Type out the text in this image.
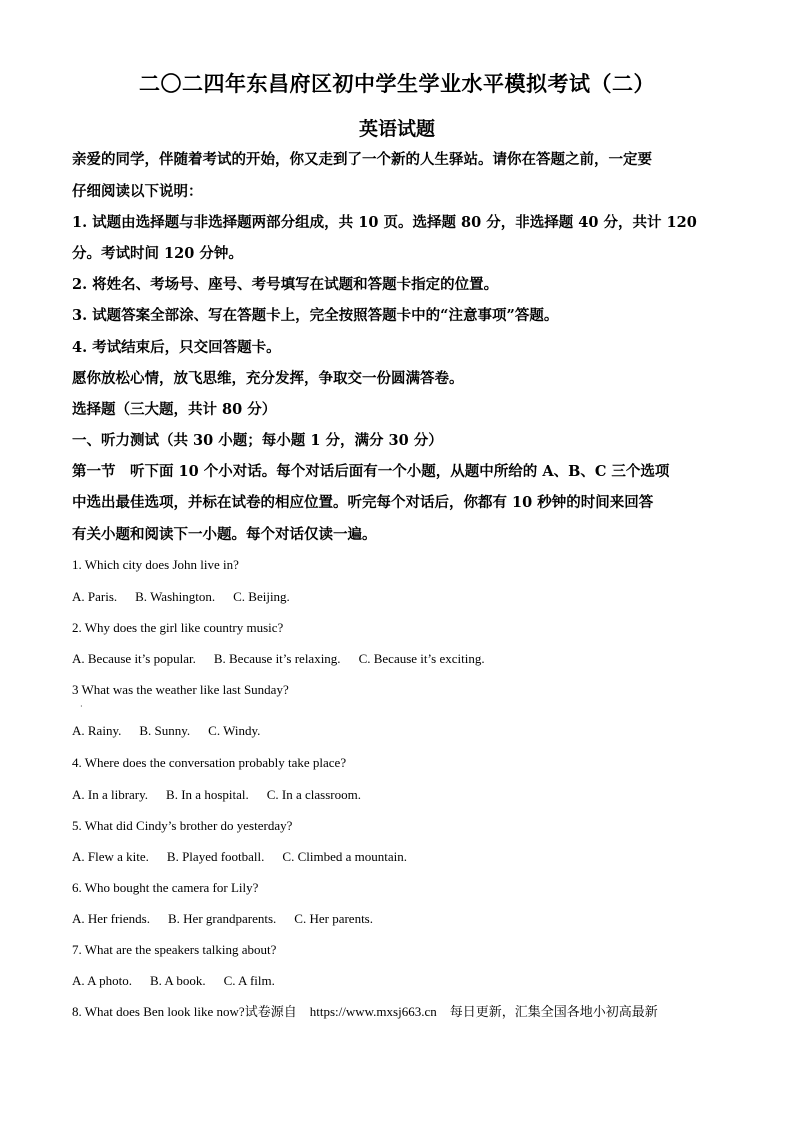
二〇二四年东昌府区初中学生学业水平模拟考试（二）
英语试题
亲爱的同学，伴随着考试的开始，你又走到了一个新的人生驿站。请你在答题之前，一定要
仔细阅读以下说明：
1. 试题由选择题与非选择题两部分组成，共 10 页。选择题 80 分，非选择题 40 分，共计 120
分。考试时间 120 分钟。
2. 将姓名、考场号、座号、考号填写在试题和答题卡指定的位置。
3. 试题答案全部涂、写在答题卡上，完全按照答题卡中的“注意事项”答题。
4. 考试结束后，只交回答题卡。
愿你放松心情，放飞思维，充分发挥，争取交一份圆满答卷。
选择题（三大题，共计 80 分）
一、听力测试（共 30 小题；每小题 1 分，满分 30 分）
第一节　听下面 10 个小对话。每个对话后面有一个小题，从题中所给的 A、B、C 三个选项
中选出最佳选项，并标在试卷的相应位置。听完每个对话后，你都有 10 秒钟的时间来回答
有关小题和阅读下一小题。每个对话仅读一遍。
1. Which city does John live in?
A. Paris. B. Washington. C. Beijing.
2. Why does the girl like country music?
A. Because it’s popular. B. Because it’s relaxing. C. Because it’s exciting.
3 What was the weather like last Sunday?
·
A. Rainy. B. Sunny. C. Windy.
4. Where does the conversation probably take place?
A. In a library. B. In a hospital. C. In a classroom.
5. What did Cindy’s brother do yesterday?
A. Flew a kite. B. Played football. C. Climbed a mountain.
6. Who bought the camera for Lily?
A. Her friends. B. Her grandparents. C. Her parents.
7. What are the speakers talking about?
A. A photo. B. A book. C. A film.
8. What does Ben look like now?试卷源自 https://www.mxsj663.cn 每日更新，汇集全国各地小初高最新
